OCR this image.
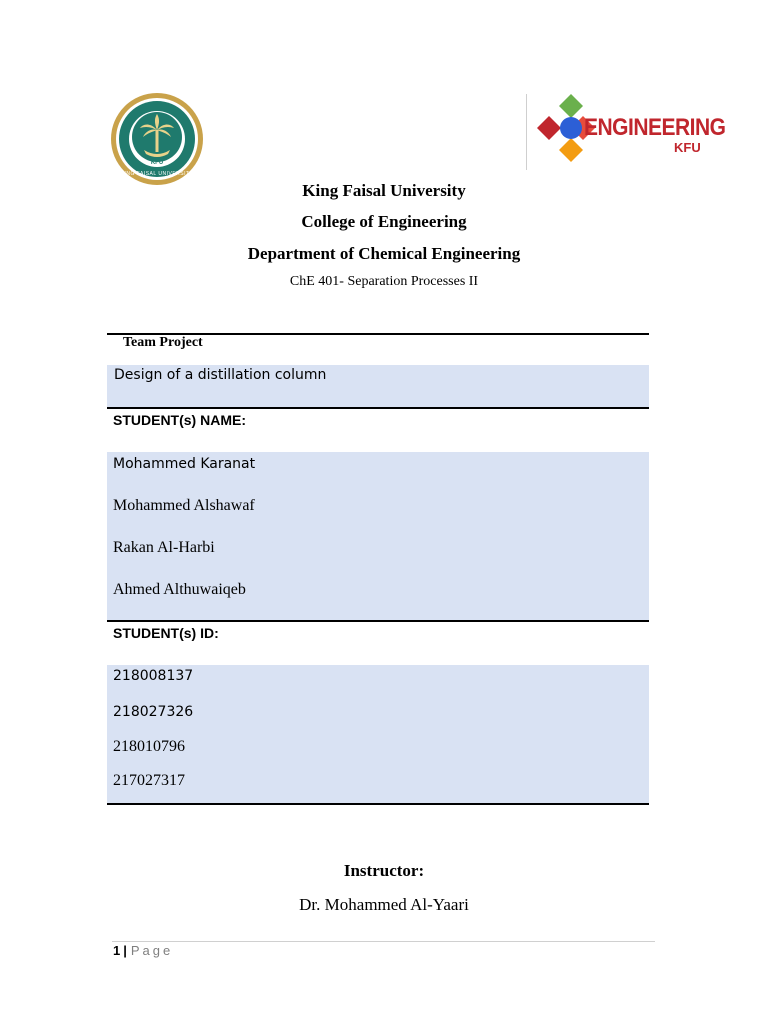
KFU
KING FAISAL UNIVERSITY
ENGINEERING
KFU
King Faisal University
College of Engineering
Department of Chemical Engineering
ChE 401- Separation Processes II
Team Project
Design of a distillation column
STUDENT(s) NAME:
Mohammed Karanat
Mohammed Alshawaf
Rakan Al-Harbi
Ahmed Althuwaiqeb
STUDENT(s) ID:
218008137
218027326
218010796
217027317
Instructor:
Dr. Mohammed Al-Yaari
1 | Page
